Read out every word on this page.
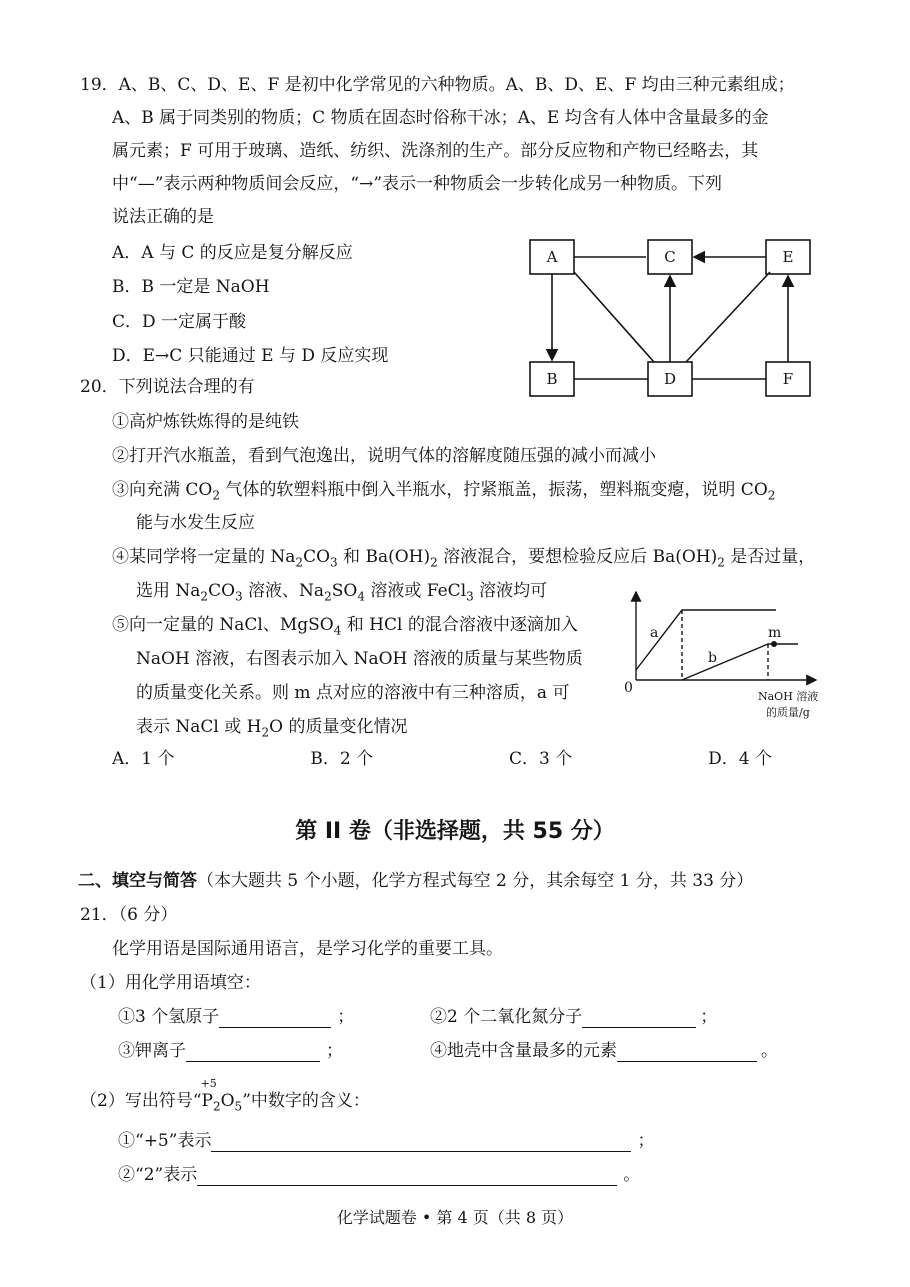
19．A、B、C、D、E、F 是初中化学常见的六种物质。A、B、D、E、F 均由三种元素组成；
A、B 属于同类别的物质；C 物质在固态时俗称干冰；A、E 均含有人体中含量最多的金
属元素；F 可用于玻璃、造纸、纺织、洗涤剂的生产。部分反应物和产物已经略去，其
中“—”表示两种物质间会反应，“→”表示一种物质会一步转化成另一种物质。下列
说法正确的是
A．A 与 C 的反应是复分解反应
B．B 一定是 NaOH
C．D 一定属于酸
D．E→C 只能通过 E 与 D 反应实现
A	C	E
B	D	F
20．下列说法合理的有
①高炉炼铁炼得的是纯铁
②打开汽水瓶盖，看到气泡逸出，说明气体的溶解度随压强的减小而减小
③向充满 $CO_2$ 气体的软塑料瓶中倒入半瓶水，拧紧瓶盖，振荡，塑料瓶变瘪，说明 $CO_2$
能与水发生反应
④某同学将一定量的 $Na_2CO_3$ 和 $Ba(OH)_2$ 溶液混合，要想检验反应后 $Ba(OH)_2$ 是否过量，
选用 $Na_2CO_3$ 溶液、$Na_2SO_4$ 溶液或 FeCl$_3$ 溶液均可
⑤向一定量的 NaCl、MgSO$_4$ 和 HCl 的混合溶液中逐滴加入
NaOH 溶液，右图表示加入 NaOH 溶液的质量与某些物质
的质量变化关系。则 m 点对应的溶液中有三种溶质，a 可
表示 NaCl 或 $H_2O$ 的质量变化情况
a
b
m
0
NaOH 溶液
的质量/g
A．1 个	B．2 个	C．3 个	D．4 个
第 II 卷（非选择题，共 55 分）
二、填空与简答（本大题共 5 个小题，化学方程式每空 2 分，其余每空 1 分，共 33 分）
21．（6 分）
化学用语是国际通用语言，是学习化学的重要工具。
（1）用化学用语填空：
①3 个氢原子	；	②2 个二氧化氮分子	；
③钾离子	；	④地壳中含量最多的元素	。
（2）写出符号“
+5
$P_2O_5$”中数字的含义：
①“+5”表示	；
②“2”表示	。
化学试题卷 • 第 4 页（共 8 页）
